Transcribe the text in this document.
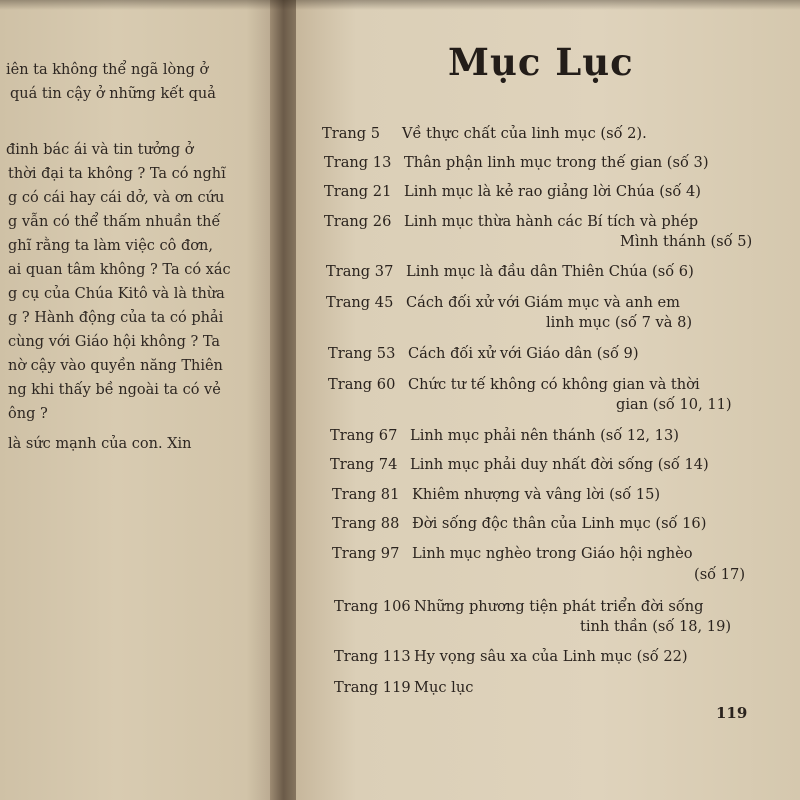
iên ta không thể ngã lòng ở
quá tin cậy ở những kết quả
đinh bác ái và tin tưởng ở
thời đại ta không ? Ta có nghĩ
g có cái hay cái dở, và ơn cứu
g vẫn có thể thấm nhuần thế
ghĩ rằng ta làm việc cô đơn,
ai quan tâm không ? Ta có xác
g cụ của Chúa Kitô và là thừa
g ? Hành động của ta có phải
cùng với Giáo hội không ? Ta
nờ cậy vào quyền năng Thiên
ng khi thấy bề ngoài ta có vẻ
ông ?
là sức mạnh của con. Xin
Mục Lục
Trang 5 Về thực chất của linh mục (số 2).
Trang 13 Thân phận linh mục trong thế gian (số 3)
Trang 21 Linh mục là kẻ rao giảng lời Chúa (số 4)
Trang 26 Linh mục thừa hành các Bí tích và phép
Mình thánh (số 5)
Trang 37 Linh mục là đầu dân Thiên Chúa (số 6)
Trang 45 Cách đối xử với Giám mục và anh em
linh mục (số 7 và 8)
Trang 53 Cách đối xử với Giáo dân (số 9)
Trang 60 Chức tư tế không có không gian và thời
gian (số 10, 11)
Trang 67 Linh mục phải nên thánh (số 12, 13)
Trang 74 Linh mục phải duy nhất đời sống (số 14)
Trang 81 Khiêm nhượng và vâng lời (số 15)
Trang 88 Đời sống độc thân của Linh mục (số 16)
Trang 97 Linh mục nghèo trong Giáo hội nghèo
(số 17)
Trang 106 Những phương tiện phát triển đời sống
tinh thần (số 18, 19)
Trang 113 Hy vọng sâu xa của Linh mục (số 22)
Trang 119 Mục lục
119
